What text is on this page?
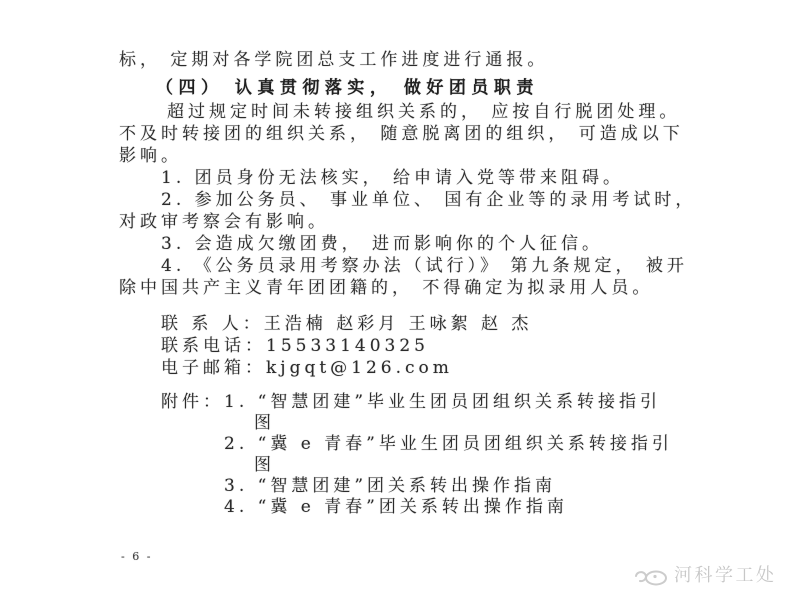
标， 定期对各学院团总支工作进度进行通报。
（四） 认真贯彻落实， 做好团员职责
超过规定时间未转接组织关系的， 应按自行脱团处理。
不及时转接团的组织关系， 随意脱离团的组织， 可造成以下
影响。
1. 团员身份无法核实， 给申请入党等带来阻碍。
2. 参加公务员、 事业单位、 国有企业等的录用考试时，
对政审考察会有影响。
3. 会造成欠缴团费， 进而影响你的个人征信。
4. 《公务员录用考察办法（试行）》 第九条规定， 被开
除中国共产主义青年团团籍的， 不得确定为拟录用人员。
联 系 人：王浩楠 赵彩月 王咏絮 赵 杰
联系电话：15533140325
电子邮箱：kjgqt@126.com
附件： 1. “智慧团建”毕业生团员团组织关系转接指引
图
2. “冀 e 青春”毕业生团员团组织关系转接指引
图
3. “智慧团建”团关系转出操作指南
4. “冀 e 青春”团关系转出操作指南
- 6 -
河科学工处
